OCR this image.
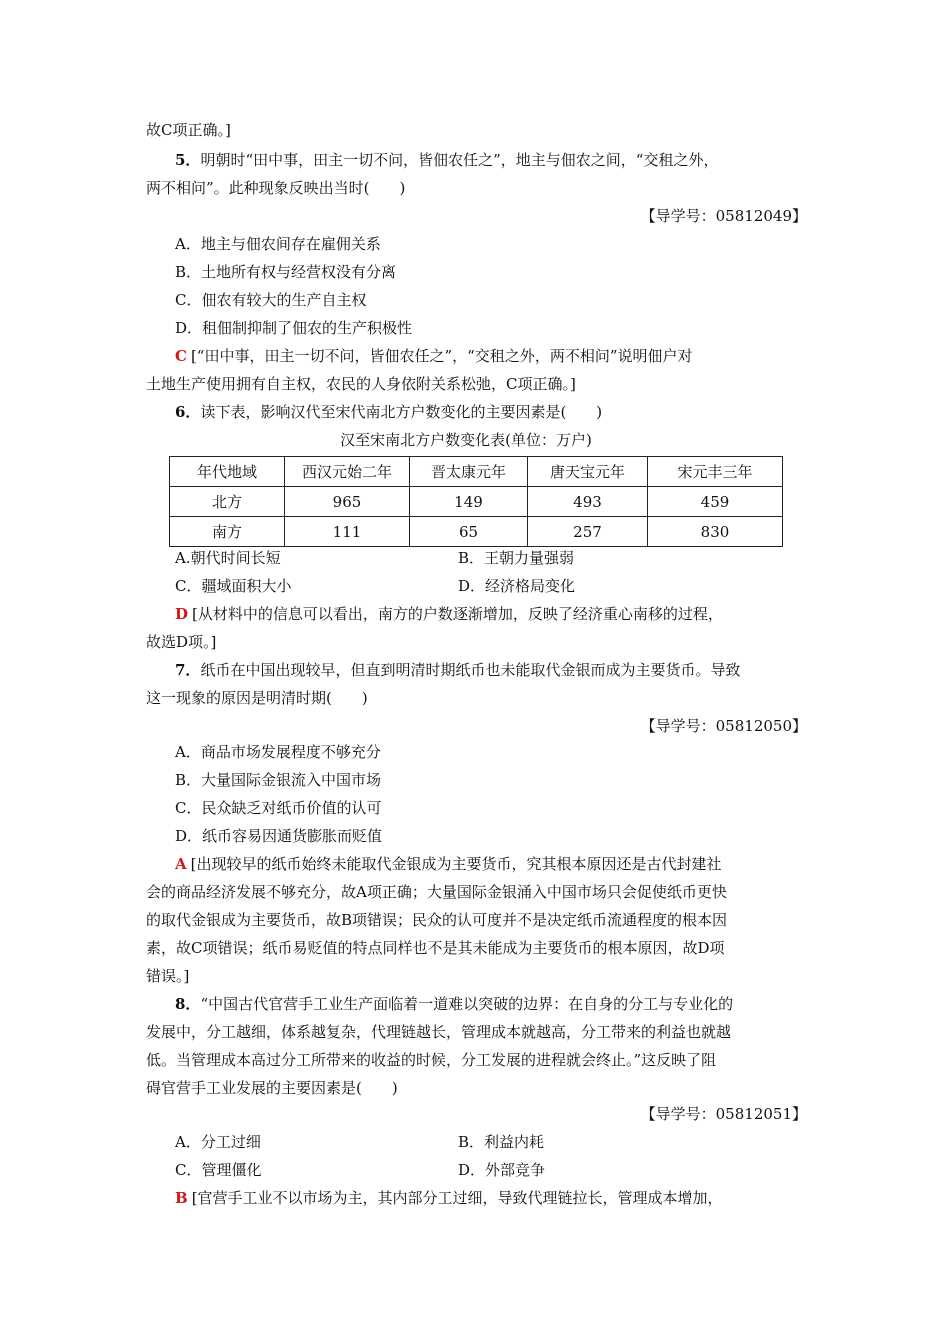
故C项正确。]
5．明朝时“田中事，田主一切不问，皆佃农任之”，地主与佃农之间，“交租之外，
两不相问”。此种现象反映出当时(　　)
【导学号：05812049】
A．地主与佃农间存在雇佣关系
B．土地所有权与经营权没有分离
C．佃农有较大的生产自主权
D．租佃制抑制了佃农的生产积极性
C [“田中事，田主一切不问，皆佃农任之”，“交租之外，两不相问”说明佃户对
土地生产使用拥有自主权，农民的人身依附关系松弛，C项正确。]
6．读下表，影响汉代至宋代南北方户数变化的主要因素是(　　)
汉至宋南北方户数变化表(单位：万户)
年代地域	西汉元始二年	晋太康元年	唐天宝元年	宋元丰三年
北方	965	149	493	459
南方	111	65	257	830
A.朝代时间长短	B．王朝力量强弱
C．疆域面积大小	D．经济格局变化
D [从材料中的信息可以看出，南方的户数逐渐增加，反映了经济重心南移的过程，
故选D项。]
7．纸币在中国出现较早，但直到明清时期纸币也未能取代金银而成为主要货币。导致
这一现象的原因是明清时期(　　)
【导学号：05812050】
A．商品市场发展程度不够充分
B．大量国际金银流入中国市场
C．民众缺乏对纸币价值的认可
D．纸币容易因通货膨胀而贬值
A [出现较早的纸币始终未能取代金银成为主要货币，究其根本原因还是古代封建社
会的商品经济发展不够充分，故A项正确；大量国际金银涌入中国市场只会促使纸币更快
的取代金银成为主要货币，故B项错误；民众的认可度并不是决定纸币流通程度的根本因
素，故C项错误；纸币易贬值的特点同样也不是其未能成为主要货币的根本原因，故D项
错误。]
8．“中国古代官营手工业生产面临着一道难以突破的边界：在自身的分工与专业化的
发展中，分工越细，体系越复杂，代理链越长，管理成本就越高，分工带来的利益也就越
低。当管理成本高过分工所带来的收益的时候，分工发展的进程就会终止。”这反映了阻
碍官营手工业发展的主要因素是(　　)
【导学号：05812051】
A．分工过细	B．利益内耗
C．管理僵化	D．外部竞争
B [官营手工业不以市场为主，其内部分工过细，导致代理链拉长，管理成本增加，
